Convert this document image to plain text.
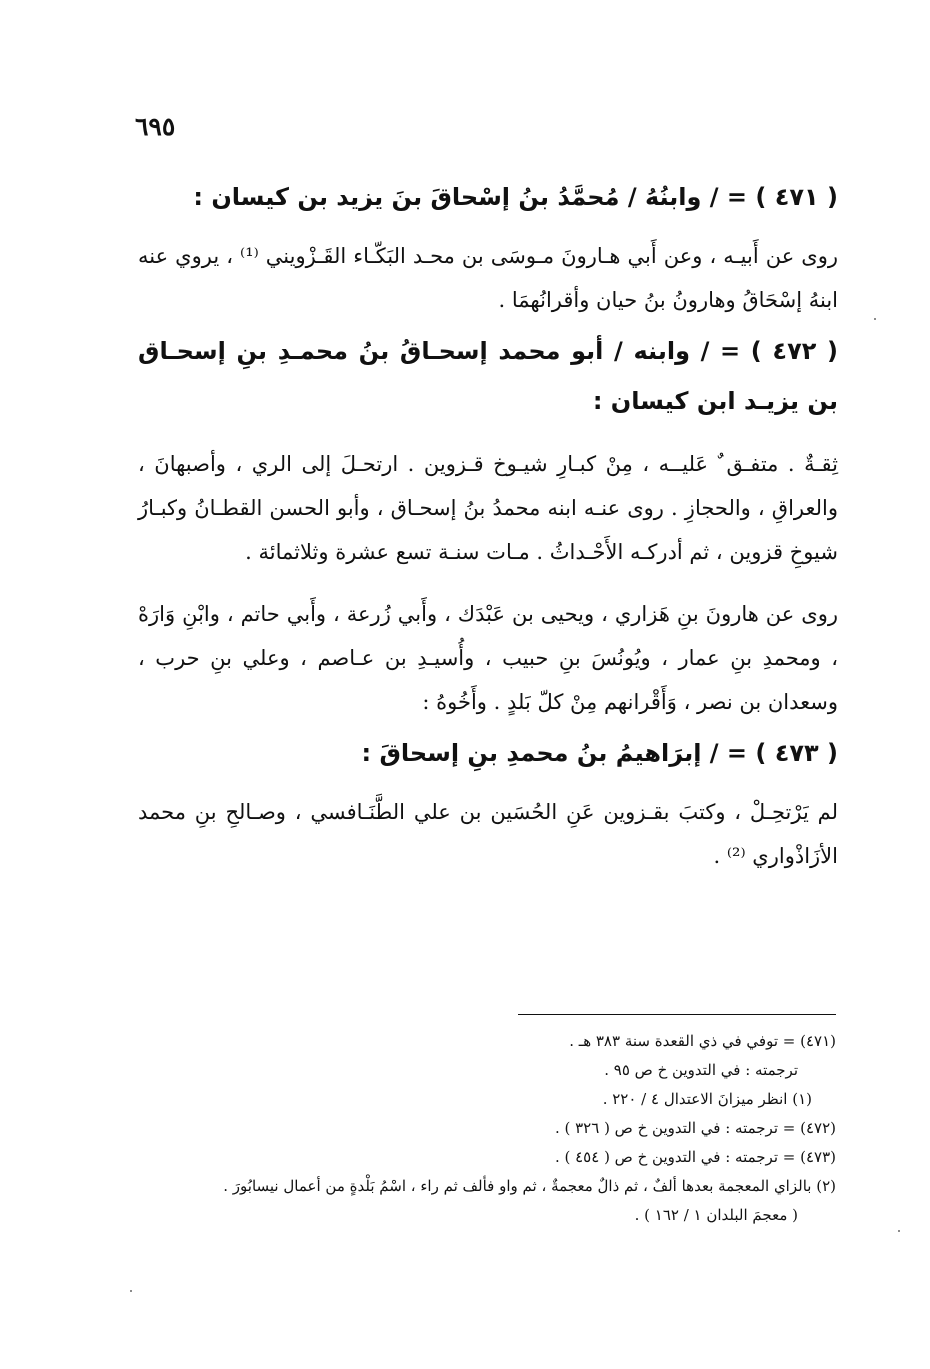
٦٩٥

( ٤٧١ ) = / وابنُهُ / مُحمَّدُ بنُ إسْحاقَ بنَ يزيد بن كيسان :

روى عن أَبيـه ، وعن أَبي هـارونَ مـوسَى بن محـد البَكّـاء القَـزْويني ⁽¹⁾ ، يروي عنه ابنهُ إسْحَاقُ وهارونُ بنُ حيان وأقرانُهمَا .

( ٤٧٢ ) = / وابنه / أبو محمد إسحـاقُ بنُ محمـدِ بنِ إسحـاق بن يزيـد ابن كيسان :

ثِقـةٌ . متفـق ٌ عَليــه ، مِنْ كبـارِ شيـوخ قـزوين . ارتحـلَ إلى الري ، وأصبهانَ ، والعراقِ ، والحجازِ . روى عنـه ابنه محمدُ بنُ إسحـاق ، وأبو الحسن القطـانُ وكبـارُ شيوخِ قزوين ، ثم أدركـه الأَحْـداثُ . مـات سنـة تسع عشرة وثلاثمائة .

روى عن هارونَ بنِ هَزاري ، ويحيى بن عَبْدَك ، وأَبي زُرعة ، وأَبي حاتم ، وابْنِ وَارَهْ ، ومحمدِ بنِ عمار ، ويُونُسَ بنِ حبيب ، وأُسيـدِ بن عـاصم ، وعلي بنِ حرب ، وسعدان بن نصر ، وَأَقْرانهم مِنْ كلّ بَلدٍ . وأَخُوهُ :

( ٤٧٣ ) = / إبرَاهيمُ بنُ محمدِ بنِ إسحاقَ :

لم يَرْتحِـلْ ، وكتبَ بقـزوين عَنِ الحُسَين بن علي الطَّنَـافسي ، وصـالحِ بنِ محمد الأزَاذْواري ⁽²⁾ .

(٤٧١) = توفي في ذي القعدة سنة ٣٨٣ هـ .

ترجمته : في التدوين خ ص ٩٥ .

(١) انظر ميزانَ الاعتدال ٤ / ٢٢٠ .

(٤٧٢) = ترجمته : في التدوين خ ص ( ٣٢٦ ) .

(٤٧٣) = ترجمته : في التدوين خ ص ( ٤٥٤ ) .

(٢) بالزاي المعجمة بعدها ألفٌ ، ثم ذالٌ معجمةٌ ، ثم واو فألف ثم راء ، اسْمُ بَلْدةٍ من أعمال نيسابُورَ .

( معجمَ البلدان ١ / ١٦٢ ) .
